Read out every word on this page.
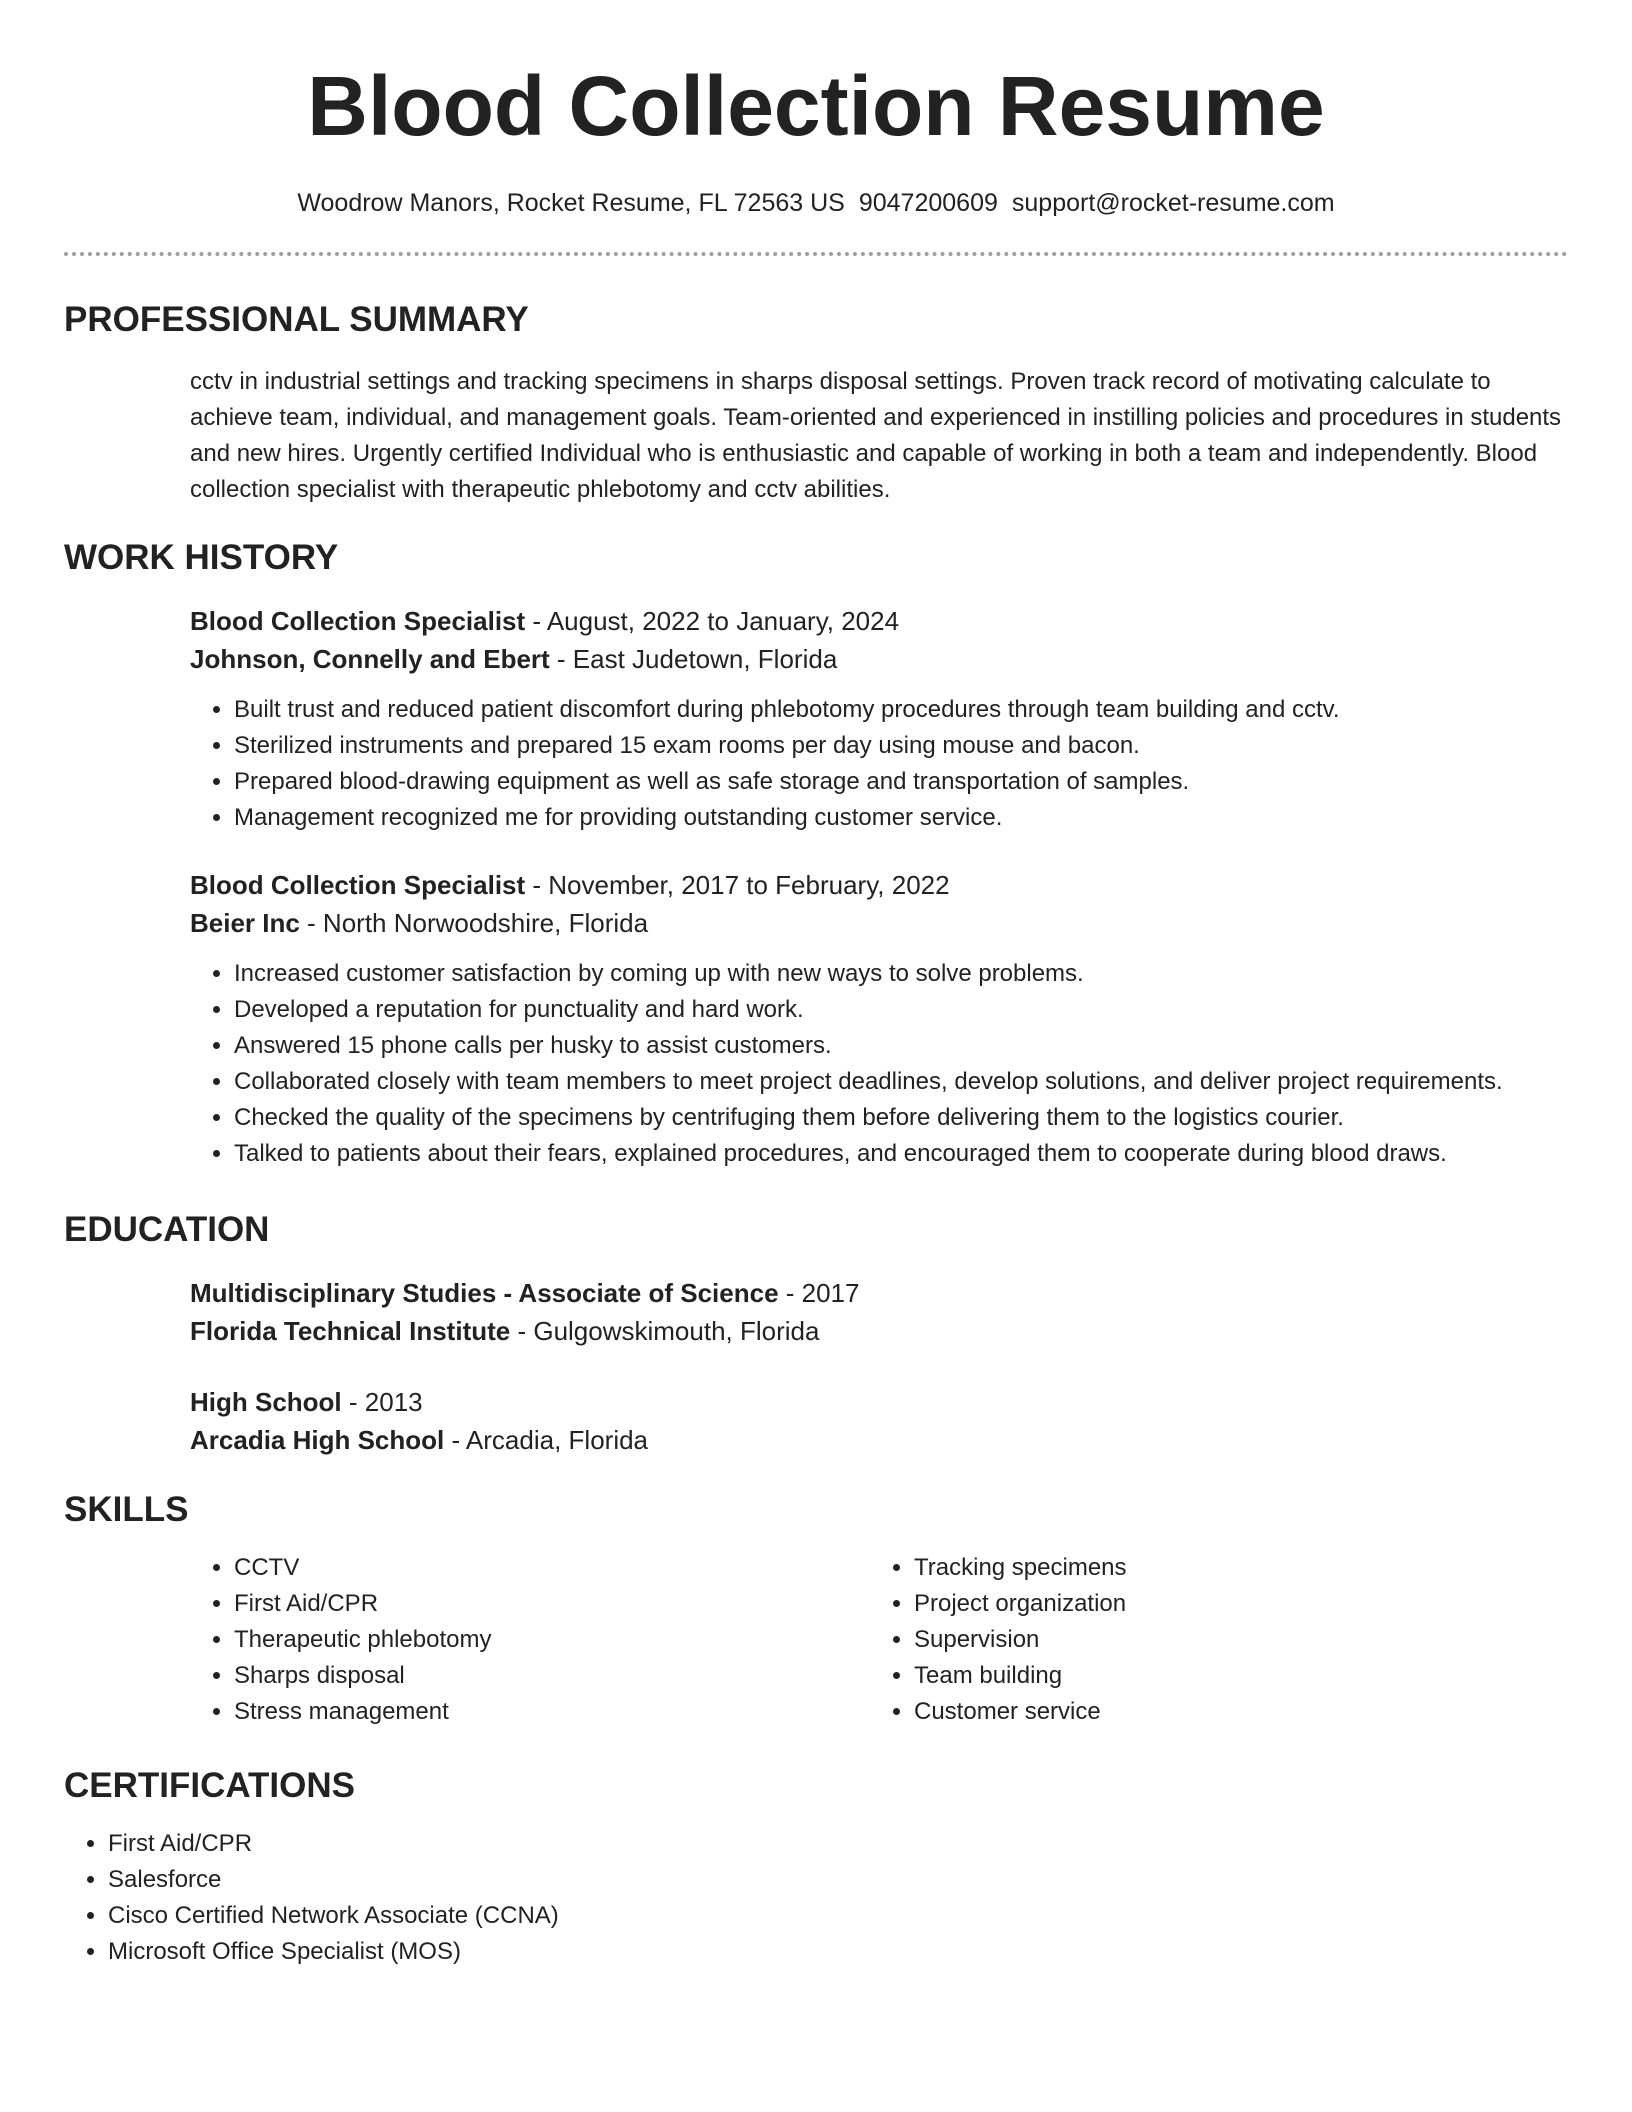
Blood Collection Resume
Woodrow Manors, Rocket Resume, FL 72563 US 9047200609 support@rocket-resume.com
PROFESSIONAL SUMMARY
cctv in industrial settings and tracking specimens in sharps disposal settings. Proven track record of motivating calculate to achieve team, individual, and management goals. Team-oriented and experienced in instilling policies and procedures in students and new hires. Urgently certified Individual who is enthusiastic and capable of working in both a team and independently. Blood collection specialist with therapeutic phlebotomy and cctv abilities.
WORK HISTORY
Blood Collection Specialist - August, 2022 to January, 2024
Johnson, Connelly and Ebert - East Judetown, Florida
• Built trust and reduced patient discomfort during phlebotomy procedures through team building and cctv.
• Sterilized instruments and prepared 15 exam rooms per day using mouse and bacon.
• Prepared blood-drawing equipment as well as safe storage and transportation of samples.
• Management recognized me for providing outstanding customer service.
Blood Collection Specialist - November, 2017 to February, 2022
Beier Inc - North Norwoodshire, Florida
• Increased customer satisfaction by coming up with new ways to solve problems.
• Developed a reputation for punctuality and hard work.
• Answered 15 phone calls per husky to assist customers.
• Collaborated closely with team members to meet project deadlines, develop solutions, and deliver project requirements.
• Checked the quality of the specimens by centrifuging them before delivering them to the logistics courier.
• Talked to patients about their fears, explained procedures, and encouraged them to cooperate during blood draws.
EDUCATION
Multidisciplinary Studies - Associate of Science - 2017
Florida Technical Institute - Gulgowskimouth, Florida
High School - 2013
Arcadia High School - Arcadia, Florida
SKILLS
• CCTV
• First Aid/CPR
• Therapeutic phlebotomy
• Sharps disposal
• Stress management
• Tracking specimens
• Project organization
• Supervision
• Team building
• Customer service
CERTIFICATIONS
• First Aid/CPR
• Salesforce
• Cisco Certified Network Associate (CCNA)
• Microsoft Office Specialist (MOS)
